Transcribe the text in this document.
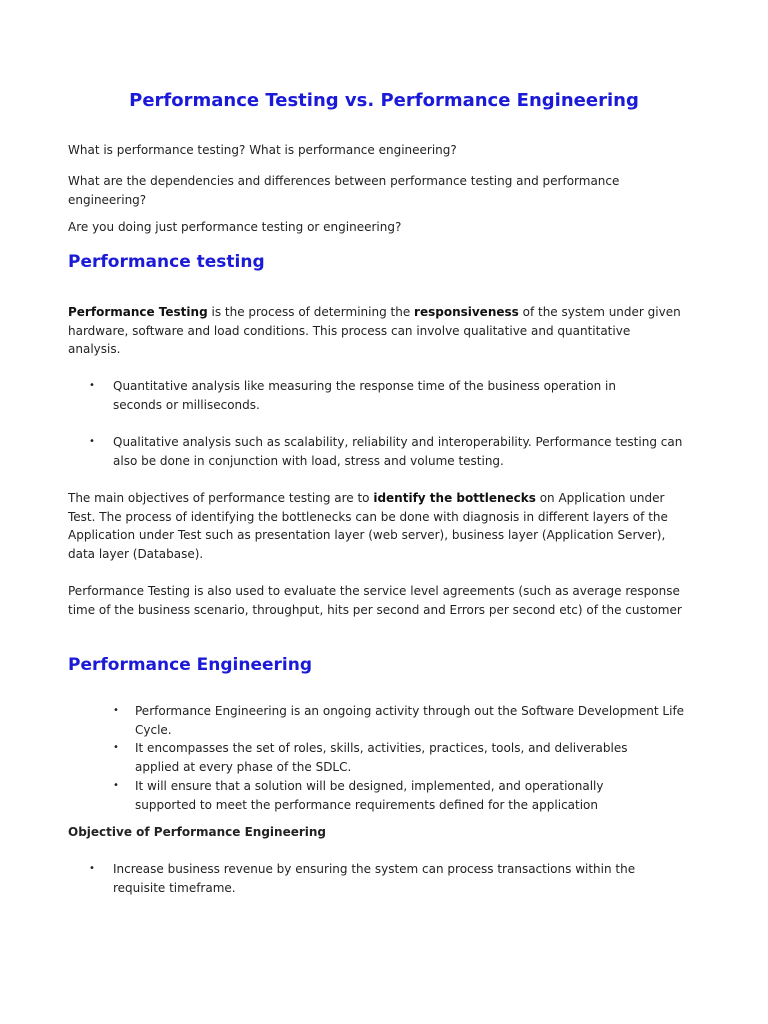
Performance Testing vs. Performance Engineering

What is performance testing? What is performance engineering?

What are the dependencies and differences between performance testing and performance engineering?

Are you doing just performance testing or engineering?

Performance testing

Performance Testing is the process of determining the responsiveness of the system under given hardware, software and load conditions. This process can involve qualitative and quantitative analysis.

• Quantitative analysis like measuring the response time of the business operation in seconds or milliseconds.

• Qualitative analysis such as scalability, reliability and interoperability. Performance testing can also be done in conjunction with load, stress and volume testing.

The main objectives of performance testing are to identify the bottlenecks on Application under Test. The process of identifying the bottlenecks can be done with diagnosis in different layers of the Application under Test such as presentation layer (web server), business layer (Application Server), data layer (Database).

Performance Testing is also used to evaluate the service level agreements (such as average response time of the business scenario, throughput, hits per second and Errors per second etc) of the customer

Performance Engineering
• Performance Engineering is an ongoing activity through out the Software Development Life Cycle.

• It encompasses the set of roles, skills, activities, practices, tools, and deliverables applied at every phase of the SDLC.

• It will ensure that a solution will be designed, implemented, and operationally supported to meet the performance requirements defined for the application

Objective of Performance Engineering

• Increase business revenue by ensuring the system can process transactions within the requisite timeframe.
